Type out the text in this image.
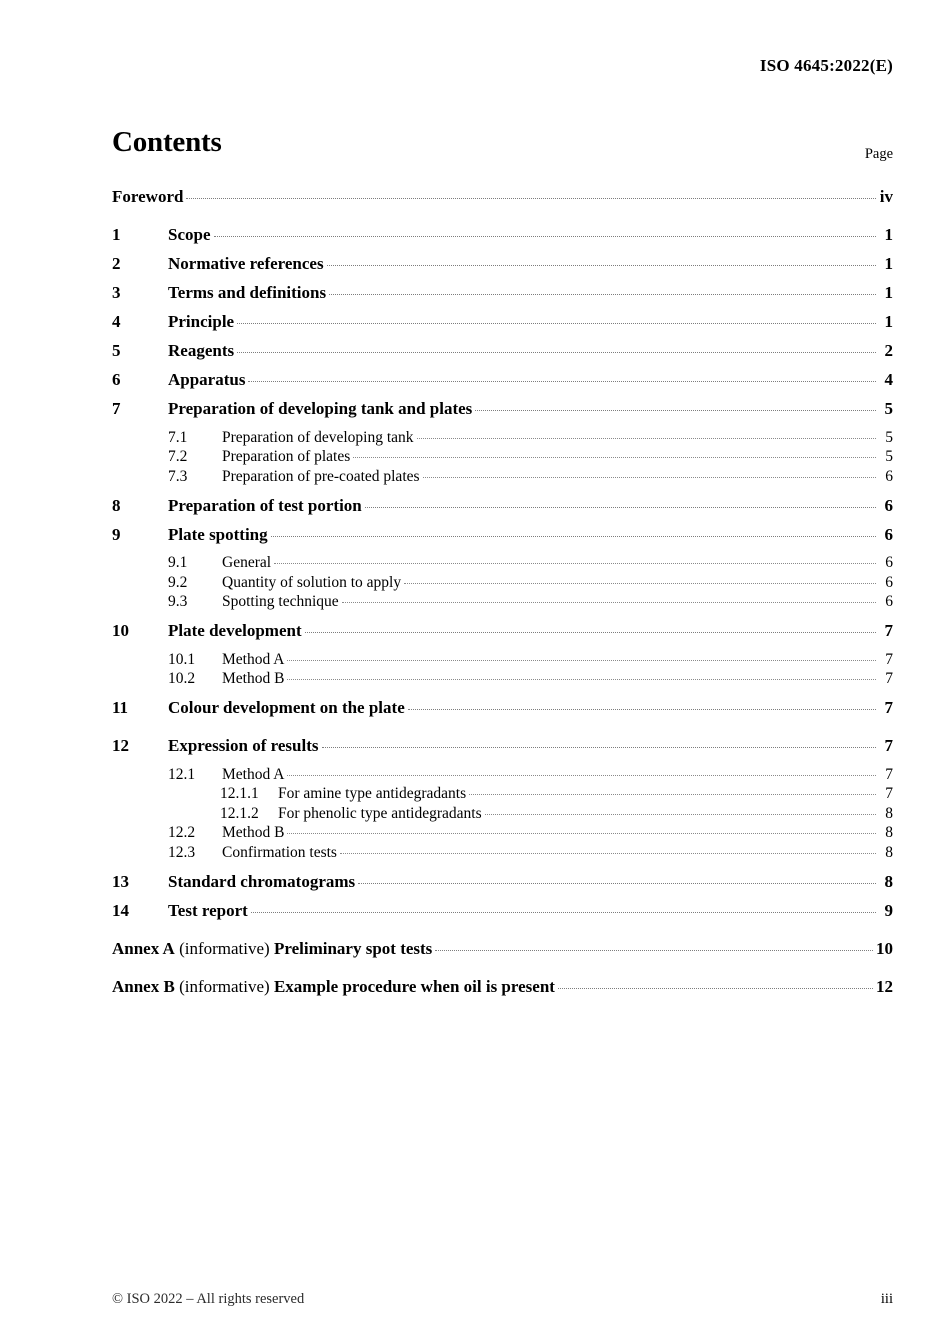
ISO 4645:2022(E)
Contents	Page
Foreword	iv
1	Scope	1
2	Normative references	1
3	Terms and definitions	1
4	Principle	1
5	Reagents	2
6	Apparatus	4
7	Preparation of developing tank and plates	5
7.1	Preparation of developing tank	5
7.2	Preparation of plates	5
7.3	Preparation of pre-coated plates	6
8	Preparation of test portion	6
9	Plate spotting	6
9.1	General	6
9.2	Quantity of solution to apply	6
9.3	Spotting technique	6
10	Plate development	7
10.1	Method A	7
10.2	Method B	7
11	Colour development on the plate	7
12	Expression of results	7
12.1	Method A	7
12.1.1	For amine type antidegradants	7
12.1.2	For phenolic type antidegradants	8
12.2	Method B	8
12.3	Confirmation tests	8
13	Standard chromatograms	8
14	Test report	9
Annex A (informative) Preliminary spot tests	10
Annex B (informative) Example procedure when oil is present	12
© ISO 2022 – All rights reserved	iii
